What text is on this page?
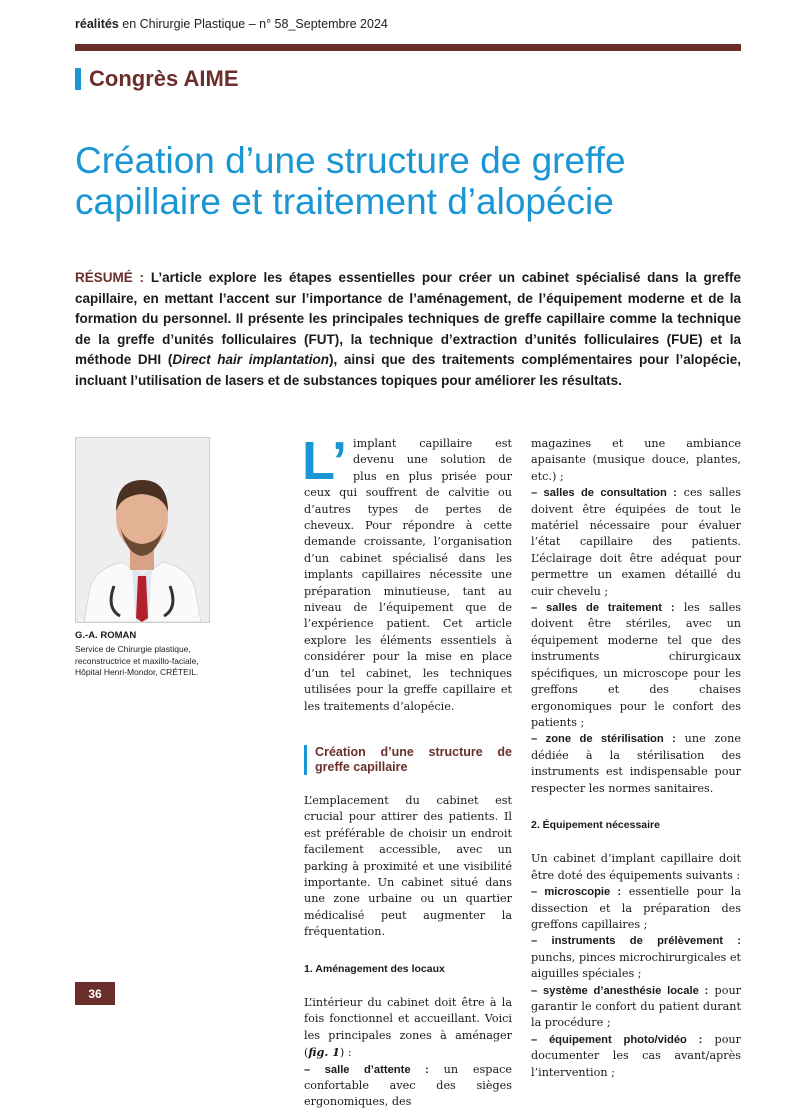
réalités en Chirurgie Plastique – n° 58_Septembre 2024
Congrès AIME
Création d’une structure de greffe capillaire et traitement d’alopécie
RÉSUMÉ : L’article explore les étapes essentielles pour créer un cabinet spécialisé dans la greffe capillaire, en mettant l’accent sur l’importance de l’aménagement, de l’équipement moderne et de la formation du personnel. Il présente les principales techniques de greffe capillaire comme la technique de la greffe d’unités folliculaires (FUT), la technique d’extraction d’unités folliculaires (FUE) et la méthode DHI (Direct hair implantation), ainsi que des traitements complémentaires pour l’alopécie, incluant l’utilisation de lasers et de substances topiques pour améliorer les résultats.
G.-A. ROMAN
Service de Chirurgie plastique,
reconstructrice et maxillo-faciale,
Hôpital Henri-Mondor, CRÉTEIL.

L’ implant capillaire est devenu une solution de plus en plus prisée pour ceux qui souffrent de calvitie ou d’autres types de pertes de cheveux. Pour répondre à cette demande croissante, l’organisation d’un cabinet spécialisé dans les implants capillaires nécessite une préparation minutieuse, tant au niveau de l’équipement que de l’expérience patient. Cet article explore les éléments essentiels à considérer pour la mise en place d’un tel cabinet, les techniques utilisées pour la greffe capillaire et les traitements d’alopécie.

Création d’une structure de greffe capillaire

L’emplacement du cabinet est crucial pour attirer des patients. Il est préférable de choisir un endroit facilement accessible, avec un parking à proximité et une visibilité importante. Un cabinet situé dans une zone urbaine ou un quartier médicalisé peut augmenter la fréquentation.

1. Aménagement des locaux

L’intérieur du cabinet doit être à la fois fonctionnel et accueillant. Voici les principales zones à aménager (fig. 1) :

– salle d’attente : un espace confortable avec des sièges ergonomiques, des

magazines et une ambiance apaisante (musique douce, plantes, etc.) ;

– salles de consultation : ces salles doivent être équipées de tout le matériel nécessaire pour évaluer l’état capillaire des patients. L’éclairage doit être adéquat pour permettre un examen détaillé du cuir chevelu ;

– salles de traitement : les salles doivent être stériles, avec un équipement moderne tel que des instruments chirurgicaux spécifiques, un microscope pour les greffons et des chaises ergonomiques pour le confort des patients ;

– zone de stérilisation : une zone dédiée à la stérilisation des instruments est indispensable pour respecter les normes sanitaires.

2. Équipement nécessaire

Un cabinet d’implant capillaire doit être doté des équipements suivants :

– microscopie : essentielle pour la dissection et la préparation des greffons capillaires ;

– instruments de prélèvement : punchs, pinces microchirurgicales et aiguilles spéciales ;

– système d’anesthésie locale : pour garantir le confort du patient durant la procédure ;

– équipement photo/vidéo : pour documenter les cas avant/après l’intervention ;

36
